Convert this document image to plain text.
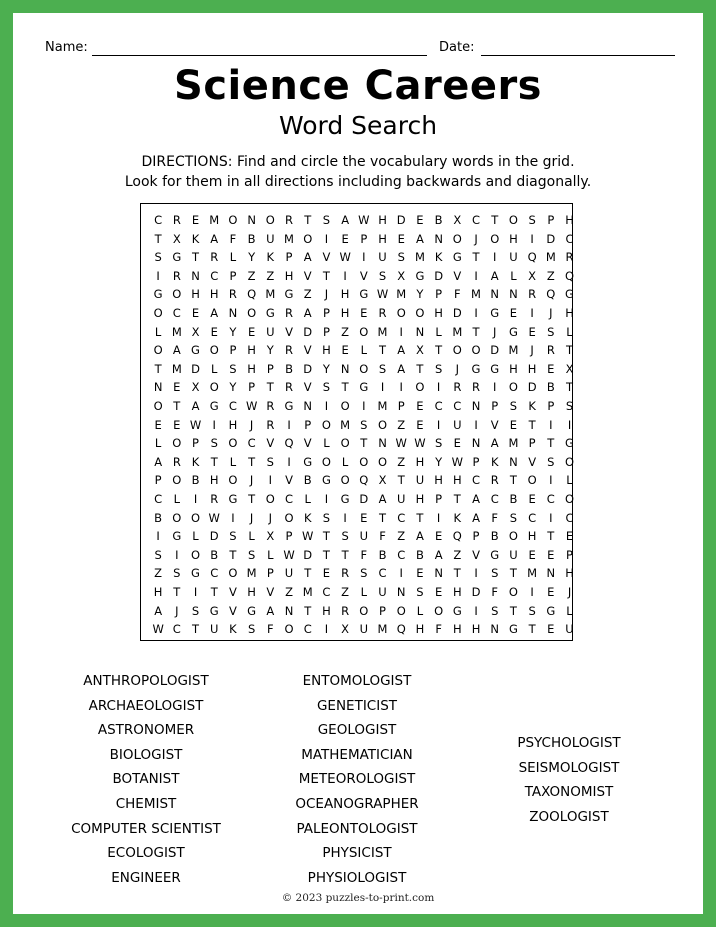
Name:	Date:
Science Careers
Word Search
DIRECTIONS: Find and circle the vocabulary words in the grid.
Look for them in all directions including backwards and diagonally.
C R E M O N O R T	S A W H D E B X C T O S	P H
T X K A F B U M O	I	E	P H E A N O	J	O H	I	D C
S G T R L	Y K P A V W I	U S M K G T	I	U Q M R
I	R N C P Z Z H V T	I	V S X G D V	I	A	L	X Z Q
G O H H R Q M G Z	J	H G W M Y	P	F M N N R Q G
O C E A N O G R A P H E R O O H D	I	G E	I	J	H
L M X E	Y	E U V D P Z O M	I	N L M T	J	G E S	L
O A G O P H Y R V H E	L	T A X T O O D M	J	R T
T M D L	S H P B D Y N O S A T	S	J	G G H H E X
N E X O Y	P	T R V S	T G	I	I	O	I	R R	I	O D B T
O T A G C W R G N	I	O	I	M P	E C C N P	S K P	S
E E W I	H	J	R	I	P O M S O Z E	I	U	I	V E	T	I	I
L O P	S O C V Q V	L O T N W W S E N A M P	T G
A R K T	L	T	S	I	G O L O O Z H Y W P K N V S O
P O B H O	J	I	V B G O Q X T U H H C R T O	I	L
C L	I	R G T O C L	I	G D A U H P	T A C B E C O
B O O W I	J	J	O K S	I	E	T C T	I	K A F	S C	I	C
I	G L D S	L	X P W T	S U F Z A E Q P B O H T	E
S	I	O B T	S	L W D T	T	F B C B A Z V G U E E	P
Z S G C O M P U T	E R S C	I	E N T	I	S	T M N H
H T	I	T V H V Z M C Z	L U N S E H D F O	I	E	J
A	J	S G V G A N T H R O P O L O G	I	S	T	S G L
W C T U K S	F O C	I	X U M Q H F H H N G T	E U
ANTHROPOLOGIST
ARCHAEOLOGIST
ASTRONOMER
BIOLOGIST
BOTANIST
CHEMIST
COMPUTER SCIENTIST
ECOLOGIST
ENGINEER
ENTOMOLOGIST
GENETICIST
GEOLOGIST
MATHEMATICIAN
METEOROLOGIST
OCEANOGRAPHER
PALEONTOLOGIST
PHYSICIST
PHYSIOLOGIST
PSYCHOLOGIST
SEISMOLOGIST
TAXONOMIST
ZOOLOGIST
© 2023 puzzles-to-print.com
